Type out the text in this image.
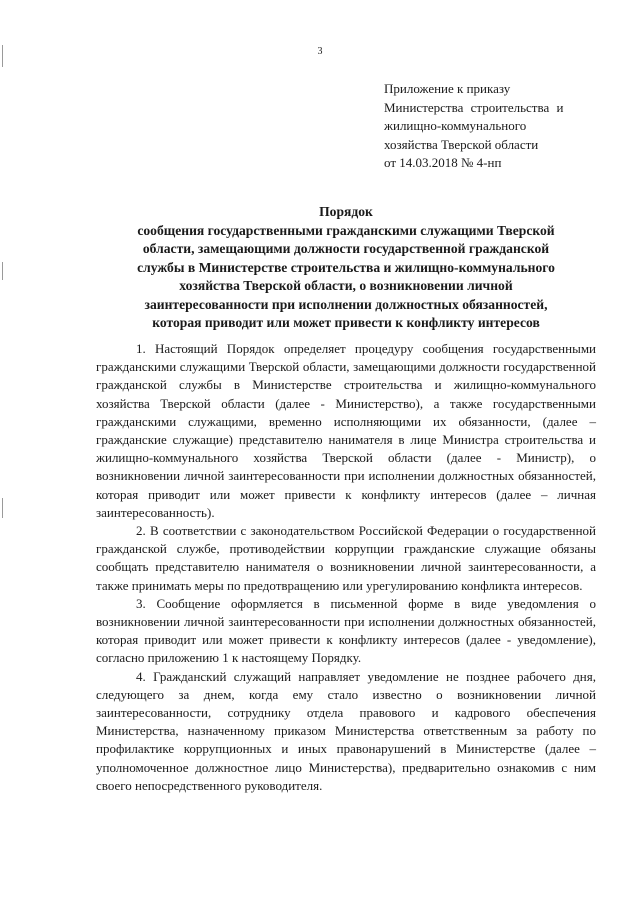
3
Приложение к приказу
Министерства строительства и
жилищно-коммунального
хозяйства Тверской области
от 14.03.2018 № 4-нп
Порядок
сообщения государственными гражданскими служащими Тверской
области, замещающими должности государственной гражданской
службы в Министерстве строительства и жилищно-коммунального
хозяйства Тверской области, о возникновении личной
заинтересованности при исполнении должностных обязанностей,
которая приводит или может привести к конфликту интересов

1. Настоящий Порядок определяет процедуру сообщения государственными гражданскими служащими Тверской области, замещающими должности государственной гражданской службы в Министерстве строительства и жилищно-коммунального хозяйства Тверской области (далее - Министерство), а также государственными гражданскими служащими, временно исполняющими их обязанности, (далее – гражданские служащие) представителю нанимателя в лице Министра строительства и жилищно-коммунального хозяйства Тверской области (далее - Министр), о возникновении личной заинтересованности при исполнении должностных обязанностей, которая приводит или может привести к конфликту интересов (далее – личная заинтересованность).

2. В соответствии с законодательством Российской Федерации о государственной гражданской службе, противодействии коррупции гражданские служащие обязаны сообщать представителю нанимателя о возникновении личной заинтересованности, а также принимать меры по предотвращению или урегулированию конфликта интересов.

3. Сообщение оформляется в письменной форме в виде уведомления о возникновении личной заинтересованности при исполнении должностных обязанностей, которая приводит или может привести к конфликту интересов (далее - уведомление), согласно приложению 1 к настоящему Порядку.

4. Гражданский служащий направляет уведомление не позднее рабочего дня, следующего за днем, когда ему стало известно о возникновении личной заинтересованности, сотруднику отдела правового и кадрового обеспечения Министерства, назначенному приказом Министерства ответственным за работу по профилактике коррупционных и иных правонарушений в Министерстве (далее – уполномоченное должностное лицо Министерства), предварительно ознакомив с ним своего непосредственного руководителя.
